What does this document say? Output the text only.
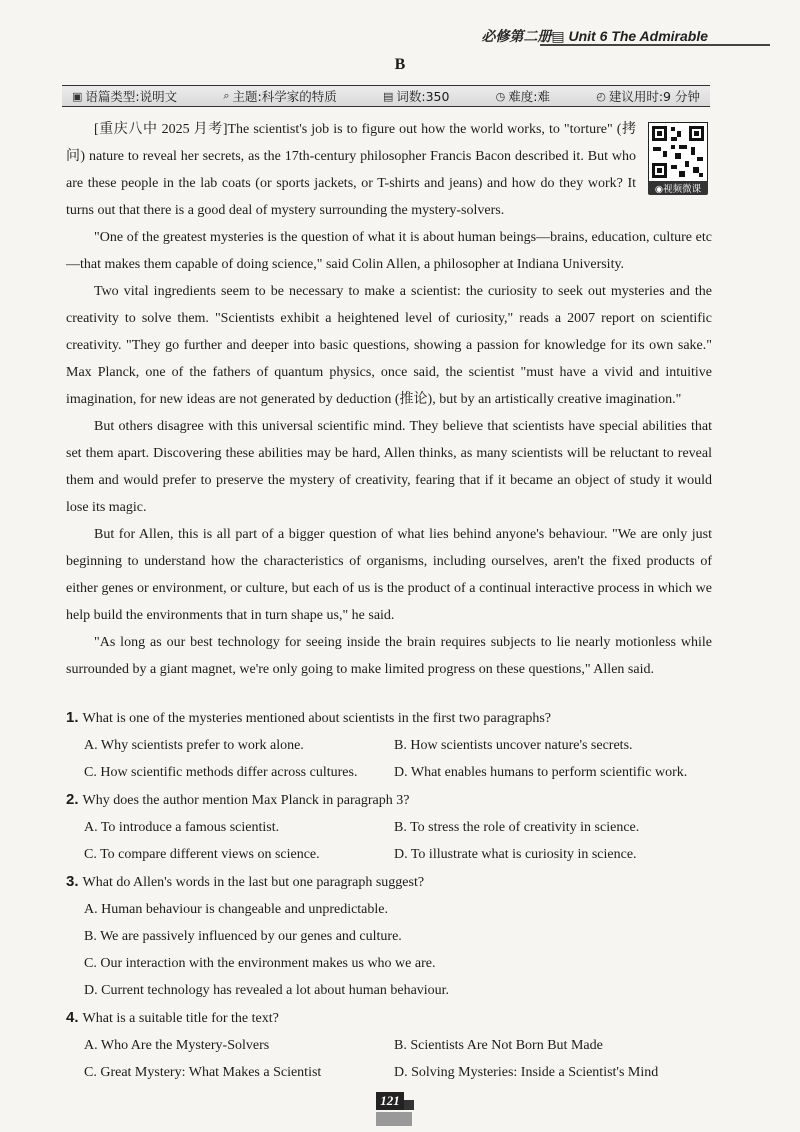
必修第二册▤ Unit 6 The Admirable
B
▣ 语篇类型:说明文	⌕ 主题:科学家的特质	▤ 词数:350	◷ 难度:难	◴ 建议用时:9 分钟
◉视频微课

[重庆八中 2025 月考]The scientist's job is to figure out how the world works, to "torture" (拷问) nature to reveal her secrets, as the 17th-century philosopher Francis Bacon described it. But who are these people in the lab coats (or sports jackets, or T-shirts and jeans) and how do they work? It turns out that there is a good deal of mystery surrounding the mystery-solvers.

"One of the greatest mysteries is the question of what it is about human beings—brains, education, culture etc—that makes them capable of doing science," said Colin Allen, a philosopher at Indiana University.

Two vital ingredients seem to be necessary to make a scientist: the curiosity to seek out mysteries and the creativity to solve them. "Scientists exhibit a heightened level of curiosity," reads a 2007 report on scientific creativity. "They go further and deeper into basic questions, showing a passion for knowledge for its own sake." Max Planck, one of the fathers of quantum physics, once said, the scientist "must have a vivid and intuitive imagination, for new ideas are not generated by deduction (推论), but by an artistically creative imagination."

But others disagree with this universal scientific mind. They believe that scientists have special abilities that set them apart. Discovering these abilities may be hard, Allen thinks, as many scientists will be reluctant to reveal them and would prefer to preserve the mystery of creativity, fearing that if it became an object of study it would lose its magic.

But for Allen, this is all part of a bigger question of what lies behind anyone's behaviour. "We are only just beginning to understand how the characteristics of organisms, including ourselves, aren't the fixed products of either genes or environment, or culture, but each of us is the product of a continual interactive process in which we help build the environments that in turn shape us," he said.

"As long as our best technology for seeing inside the brain requires subjects to lie nearly motionless while surrounded by a giant magnet, we're only going to make limited progress on these questions," Allen said.

1. What is one of the mysteries mentioned about scientists in the first two paragraphs?
A. Why scientists prefer to work alone.	B. How scientists uncover nature's secrets.
C. How scientific methods differ across cultures.	D. What enables humans to perform scientific work.
2. Why does the author mention Max Planck in paragraph 3?
A. To introduce a famous scientist.	B. To stress the role of creativity in science.
C. To compare different views on science.	D. To illustrate what is curiosity in science.
3. What do Allen's words in the last but one paragraph suggest?
A. Human behaviour is changeable and unpredictable.
B. We are passively influenced by our genes and culture.
C. Our interaction with the environment makes us who we are.
D. Current technology has revealed a lot about human behaviour.
4. What is a suitable title for the text?
A. Who Are the Mystery-Solvers	B. Scientists Are Not Born But Made
C. Great Mystery: What Makes a Scientist	D. Solving Mysteries: Inside a Scientist's Mind
121
